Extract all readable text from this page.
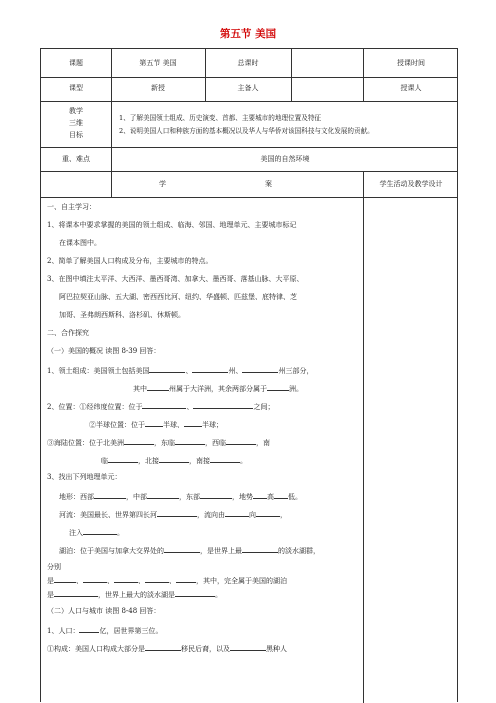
第五节 美国
课题	第五节 美国	总课时	授课时间
课型	新授	主备人	授课人
教学
三维
目标
1、了解美国领土组成、历史演变、首都、主要城市的地理位置及特征
2、说明美国人口和种族方面的基本概况以及华人与华侨对该国科技与文化发展的贡献。
重、难点	美国的自然环境
学	案	学生活动及教学设计
一、自主学习：
1、将课本中要求掌握的美国的领土组成、临海、邻国、地理单元、主要城市标记
在课本图中。
2、简单了解美国人口构成及分布，主要城市的特点。
3、在图中填注太平洋、大西洋、墨西哥湾、加拿大、墨西哥、落基山脉、大平原、
阿巴拉契亚山脉、五大湖、密西西比河、纽约、华盛顿、匹兹堡、底特律、芝
加哥、圣弗朗西斯科、洛杉矶、休斯顿。
二、合作探究
（一）美国的概况 读图 8-39 回答：
1、领土组成：美国领土包括美国	、	州、	州三部分，
其中	州属于大洋洲，其余两部分属于	洲。
2、位置：①经纬度位置：位于	、	之间；
②半球位置：位于	半球、	半球；
③海陆位置：位于北美洲	，东临	，西临	，南
临	，北接	，南接	。
3、找出下列地理单元：
地形：西部	，中部	，东部	，地势 高 低。
河流：美国最长、世界第四长河	，流向由	向	，
注入	。
湖泊：位于美国与加拿大交界处的	，是世界上最	的淡水湖群，
分别
是	、	、	、	、	，其中，完全属于美国的湖泊
是	，世界上最大的淡水湖是	。
（二）人口与城市 读图 8-48 回答：
1、人口：	亿，居世界第三位。
①构成：美国人口构成大部分是	移民后裔，以及	黑种人
